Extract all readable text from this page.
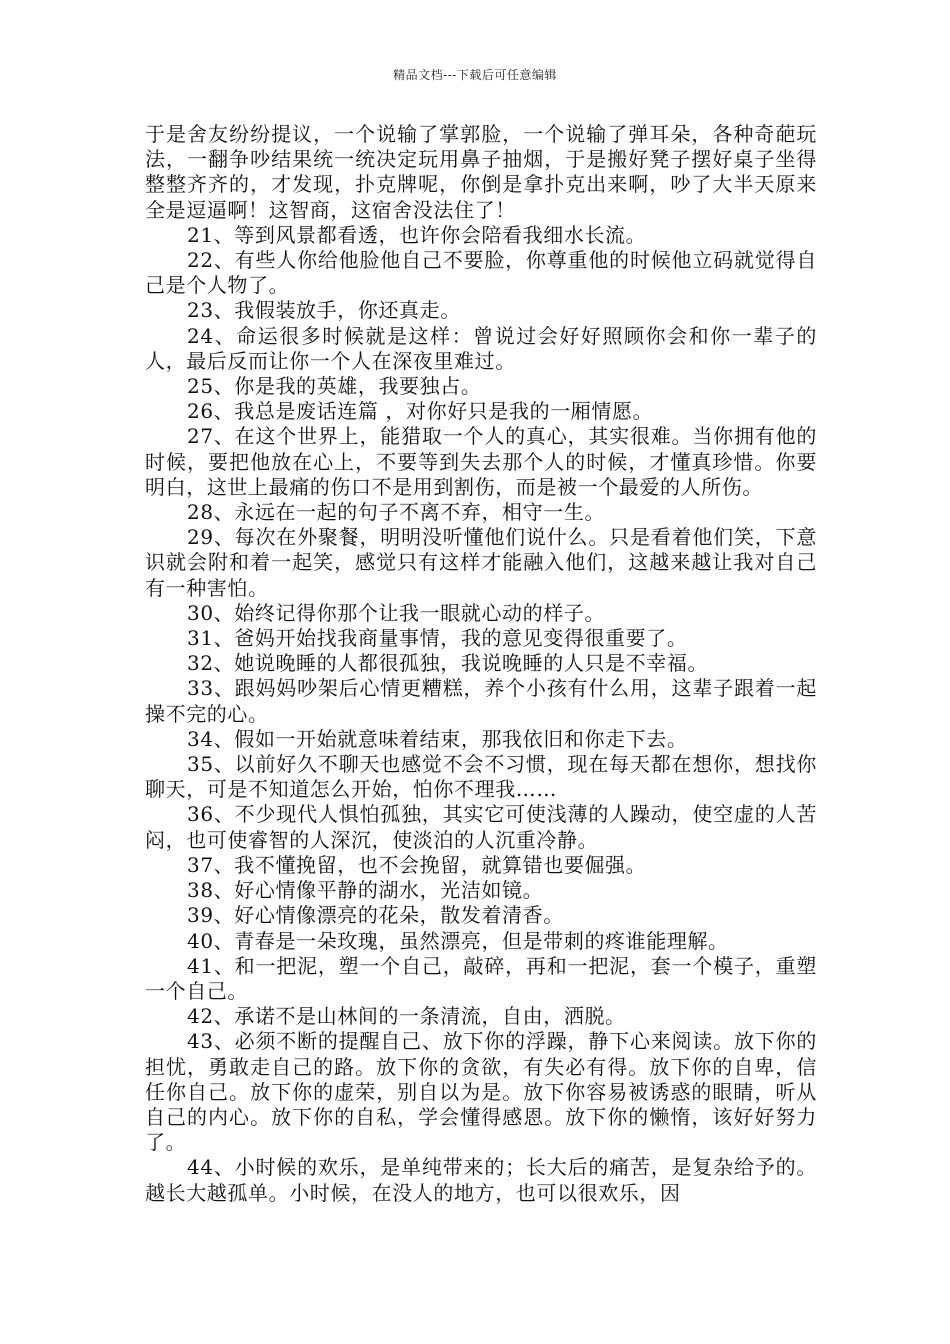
精品文档---下载后可任意编辑

于是舍友纷纷提议，一个说输了掌郭脸，一个说输了弹耳朵，各种奇葩玩法，一翻争吵结果统一统决定玩用鼻子抽烟，于是搬好凳子摆好桌子坐得整整齐齐的，才发现，扑克牌呢，你倒是拿扑克出来啊，吵了大半天原来全是逗逼啊！这智商，这宿舍没法住了！

21、等到风景都看透，也许你会陪看我细水长流。

22、有些人你给他脸他自己不要脸，你尊重他的时候他立码就觉得自己是个人物了。

23、我假装放手，你还真走。

24、命运很多时候就是这样：曾说过会好好照顾你会和你一辈子的人，最后反而让你一个人在深夜里难过。

25、你是我的英雄，我要独占。

26、我总是废话连篇 ，对你好只是我的一厢情愿。

27、在这个世界上，能猎取一个人的真心，其实很难。当你拥有他的时候，要把他放在心上，不要等到失去那个人的时候，才懂真珍惜。你要明白，这世上最痛的伤口不是用到割伤，而是被一个最爱的人所伤。

28、永远在一起的句子不离不弃，相守一生。

29、每次在外聚餐，明明没听懂他们说什么。只是看着他们笑，下意识就会附和着一起笑，感觉只有这样才能融入他们，这越来越让我对自己有一种害怕。

30、始终记得你那个让我一眼就心动的样子。

31、爸妈开始找我商量事情，我的意见变得很重要了。

32、她说晚睡的人都很孤独，我说晚睡的人只是不幸福。

33、跟妈妈吵架后心情更糟糕，养个小孩有什么用，这辈子跟着一起操不完的心。

34、假如一开始就意味着结束，那我依旧和你走下去。

35、以前好久不聊天也感觉不会不习惯，现在每天都在想你，想找你聊天，可是不知道怎么开始，怕你不理我……

36、不少现代人惧怕孤独，其实它可使浅薄的人躁动，使空虚的人苦闷，也可使睿智的人深沉，使淡泊的人沉重冷静。

37、我不懂挽留，也不会挽留，就算错也要倔强。

38、好心情像平静的湖水，光洁如镜。

39、好心情像漂亮的花朵，散发着清香。

40、青春是一朵玫瑰，虽然漂亮，但是带刺的疼谁能理解。

41、和一把泥，塑一个自己，敲碎，再和一把泥，套一个模子，重塑一个自己。

42、承诺不是山林间的一条清流，自由，洒脱。

43、必须不断的提醒自己、放下你的浮躁，静下心来阅读。放下你的担忧，勇敢走自己的路。放下你的贪欲，有失必有得。放下你的自卑，信任你自己。放下你的虚荣，别自以为是。放下你容易被诱惑的眼睛，听从自己的内心。放下你的自私，学会懂得感恩。放下你的懒惰，该好好努力了。

44、小时候的欢乐，是单纯带来的；长大后的痛苦，是复杂给予的。越长大越孤单。小时候，在没人的地方，也可以很欢乐，因
